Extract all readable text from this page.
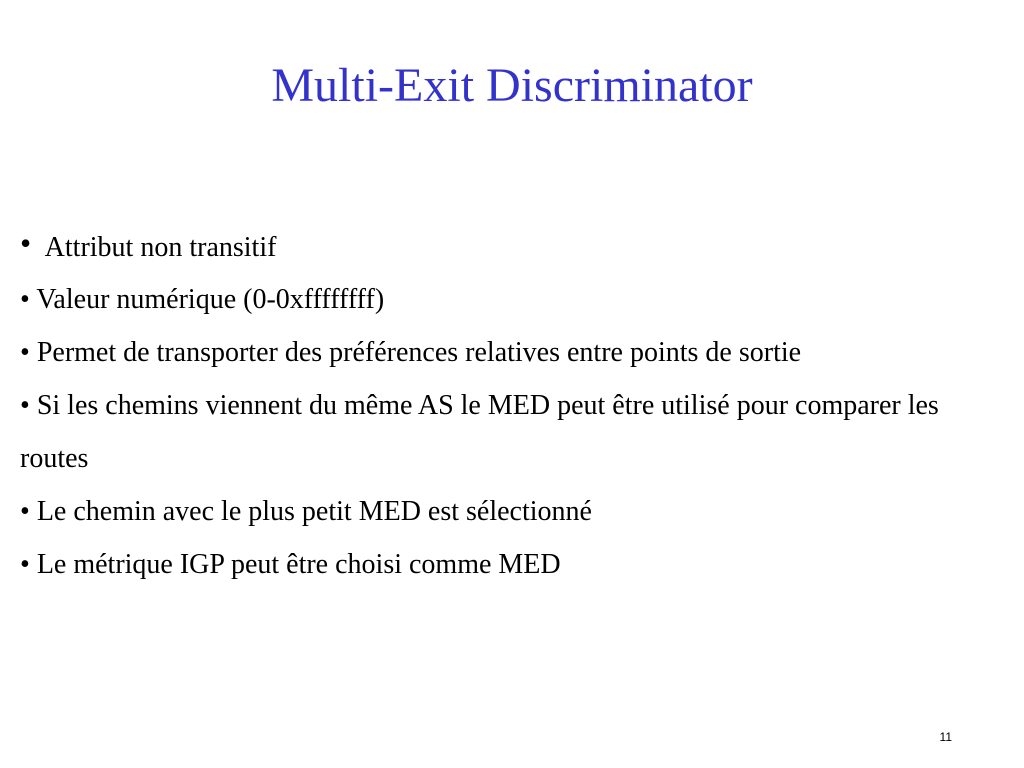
Multi-Exit Discriminator
• Attribut non transitif
• Valeur numérique (0-0xffffffff)
• Permet de transporter des préférences relatives entre points de sortie
• Si les chemins viennent du même AS le MED peut être utilisé pour comparer les routes
• Le chemin avec le plus petit MED est sélectionné
• Le métrique IGP peut être choisi comme MED
11
